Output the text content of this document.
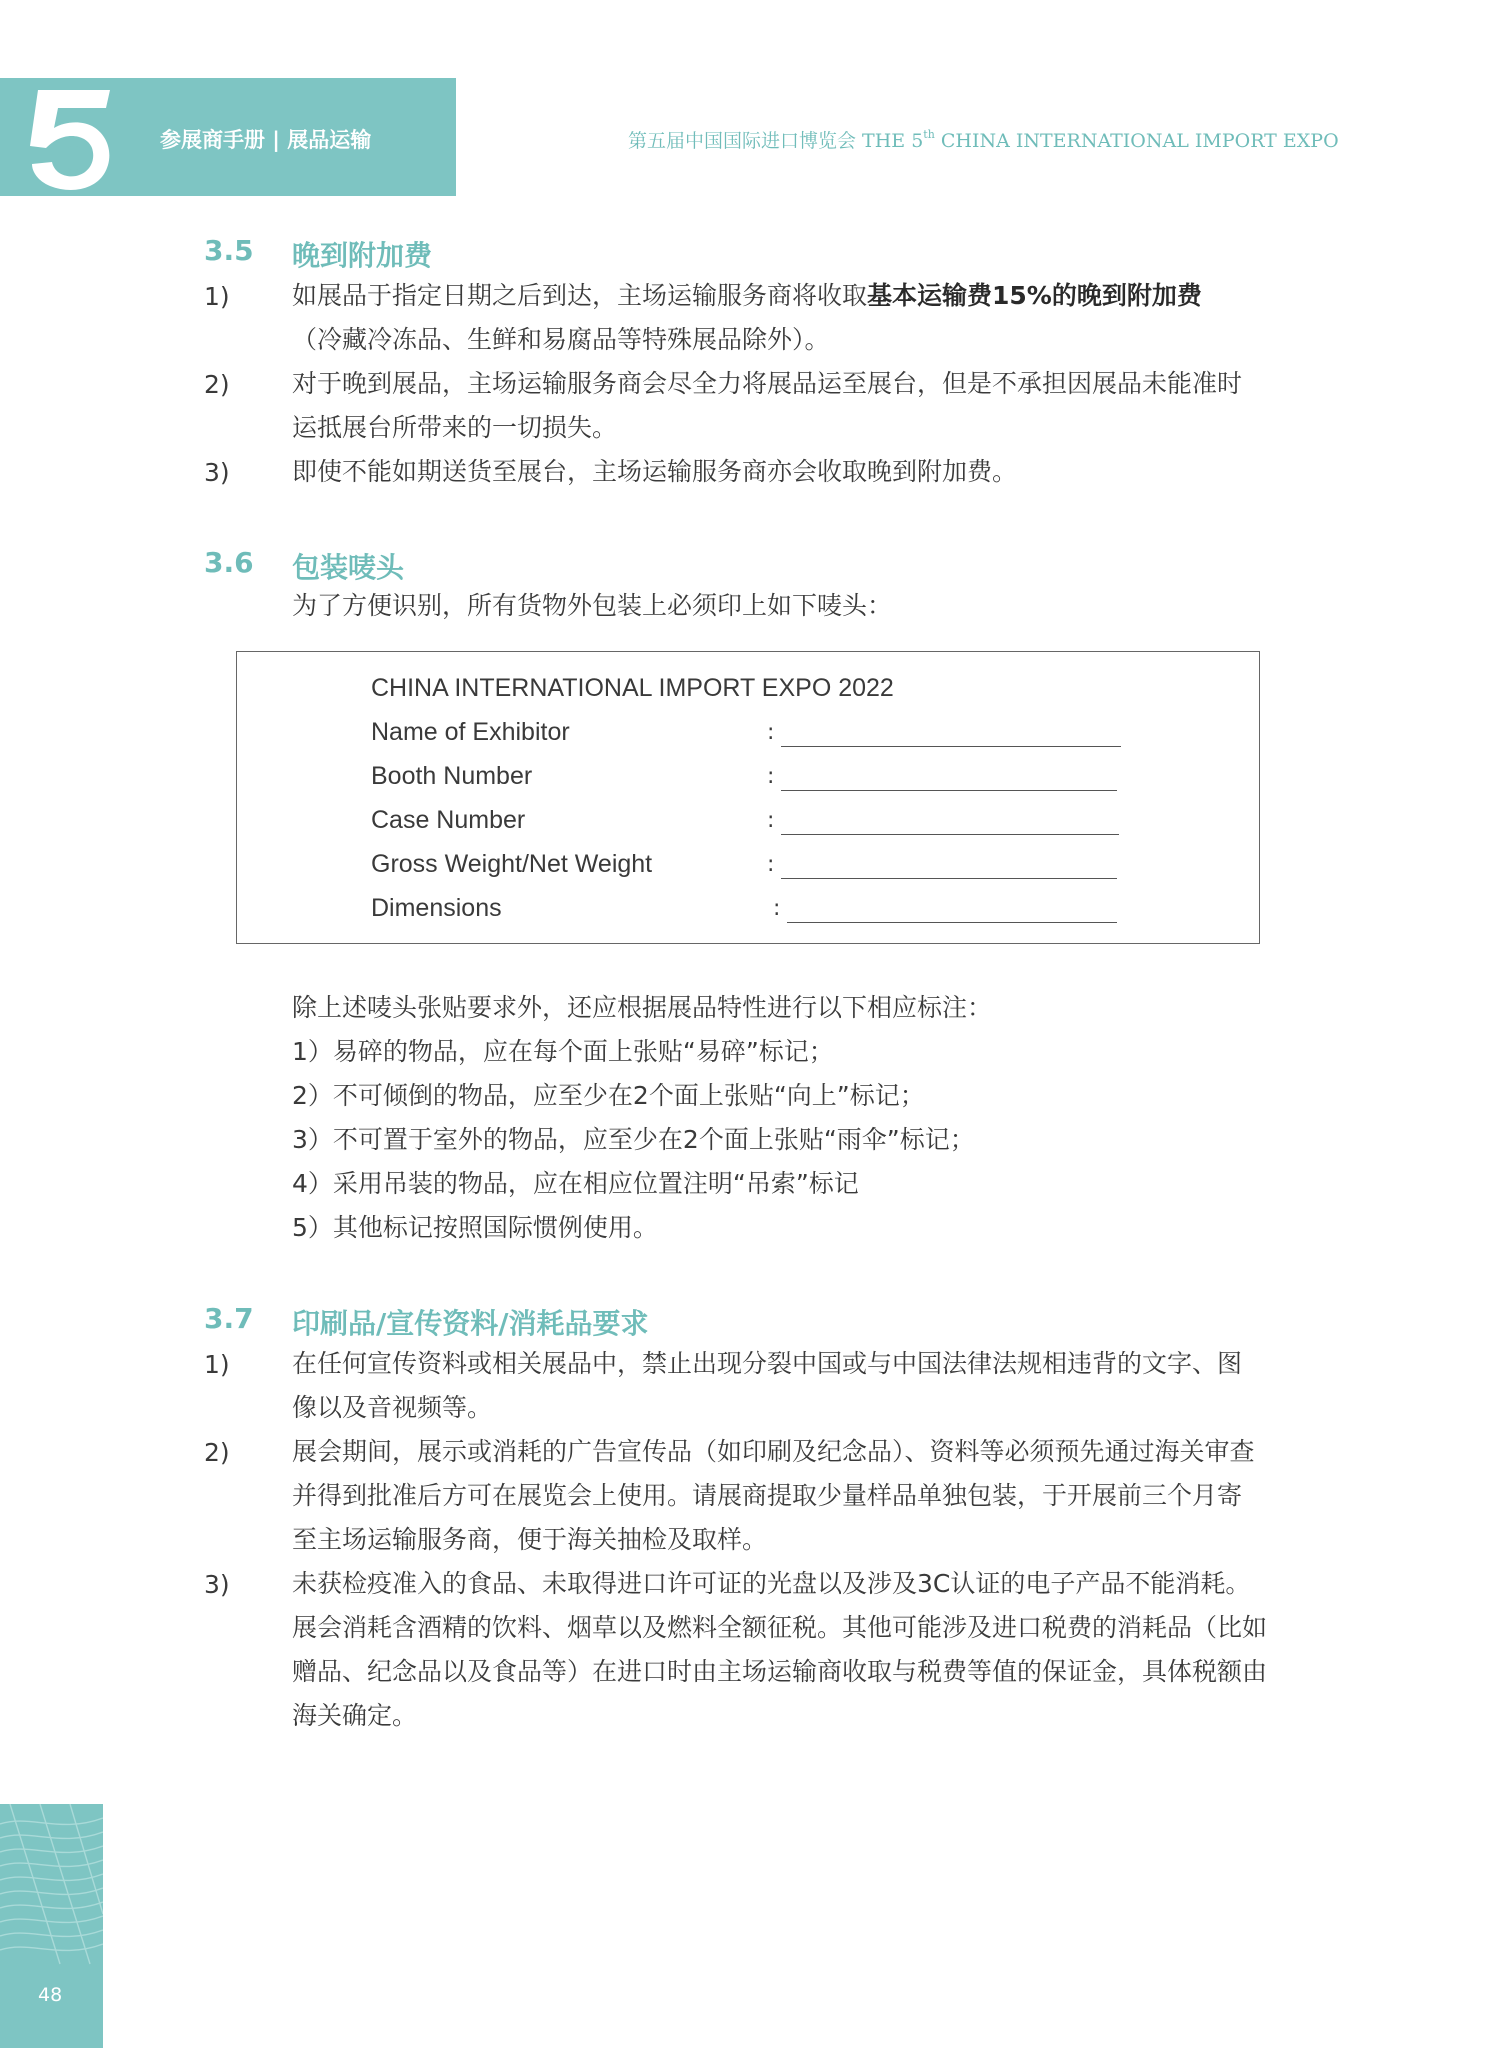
参展商手册 | 展品运输	第五届中国国际进口博览会 THE 5th CHINA INTERNATIONAL IMPORT EXPO
3.5 晚到附加费
1) 如展品于指定日期之后到达，主场运输服务商将收取基本运输费15%的晚到附加费
（冷藏冷冻品、生鲜和易腐品等特殊展品除外）。
2) 对于晚到展品，主场运输服务商会尽全力将展品运至展台，但是不承担因展品未能准时
运抵展台所带来的一切损失。
3) 即使不能如期送货至展台，主场运输服务商亦会收取晚到附加费。
3.6 包装唛头
为了方便识别，所有货物外包装上必须印上如下唛头：
CHINA INTERNATIONAL IMPORT EXPO 2022
Name of Exhibitor	:
Booth Number	:
Case Number	:
Gross Weight/Net Weight	:
Dimensions	:
除上述唛头张贴要求外，还应根据展品特性进行以下相应标注：
1）易碎的物品，应在每个面上张贴“易碎”标记；
2）不可倾倒的物品，应至少在2个面上张贴“向上”标记；
3）不可置于室外的物品，应至少在2个面上张贴“雨伞”标记；
4）采用吊装的物品，应在相应位置注明“吊索”标记
5）其他标记按照国际惯例使用。
3.7 印刷品/宣传资料/消耗品要求
1) 在任何宣传资料或相关展品中，禁止出现分裂中国或与中国法律法规相违背的文字、图
像以及音视频等。
2) 展会期间，展示或消耗的广告宣传品（如印刷及纪念品）、资料等必须预先通过海关审查
并得到批准后方可在展览会上使用。请展商提取少量样品单独包装，于开展前三个月寄
至主场运输服务商，便于海关抽检及取样。
3) 未获检疫准入的食品、未取得进口许可证的光盘以及涉及3C认证的电子产品不能消耗。
展会消耗含酒精的饮料、烟草以及燃料全额征税。其他可能涉及进口税费的消耗品（比如
赠品、纪念品以及食品等）在进口时由主场运输商收取与税费等值的保证金，具体税额由
海关确定。
48
